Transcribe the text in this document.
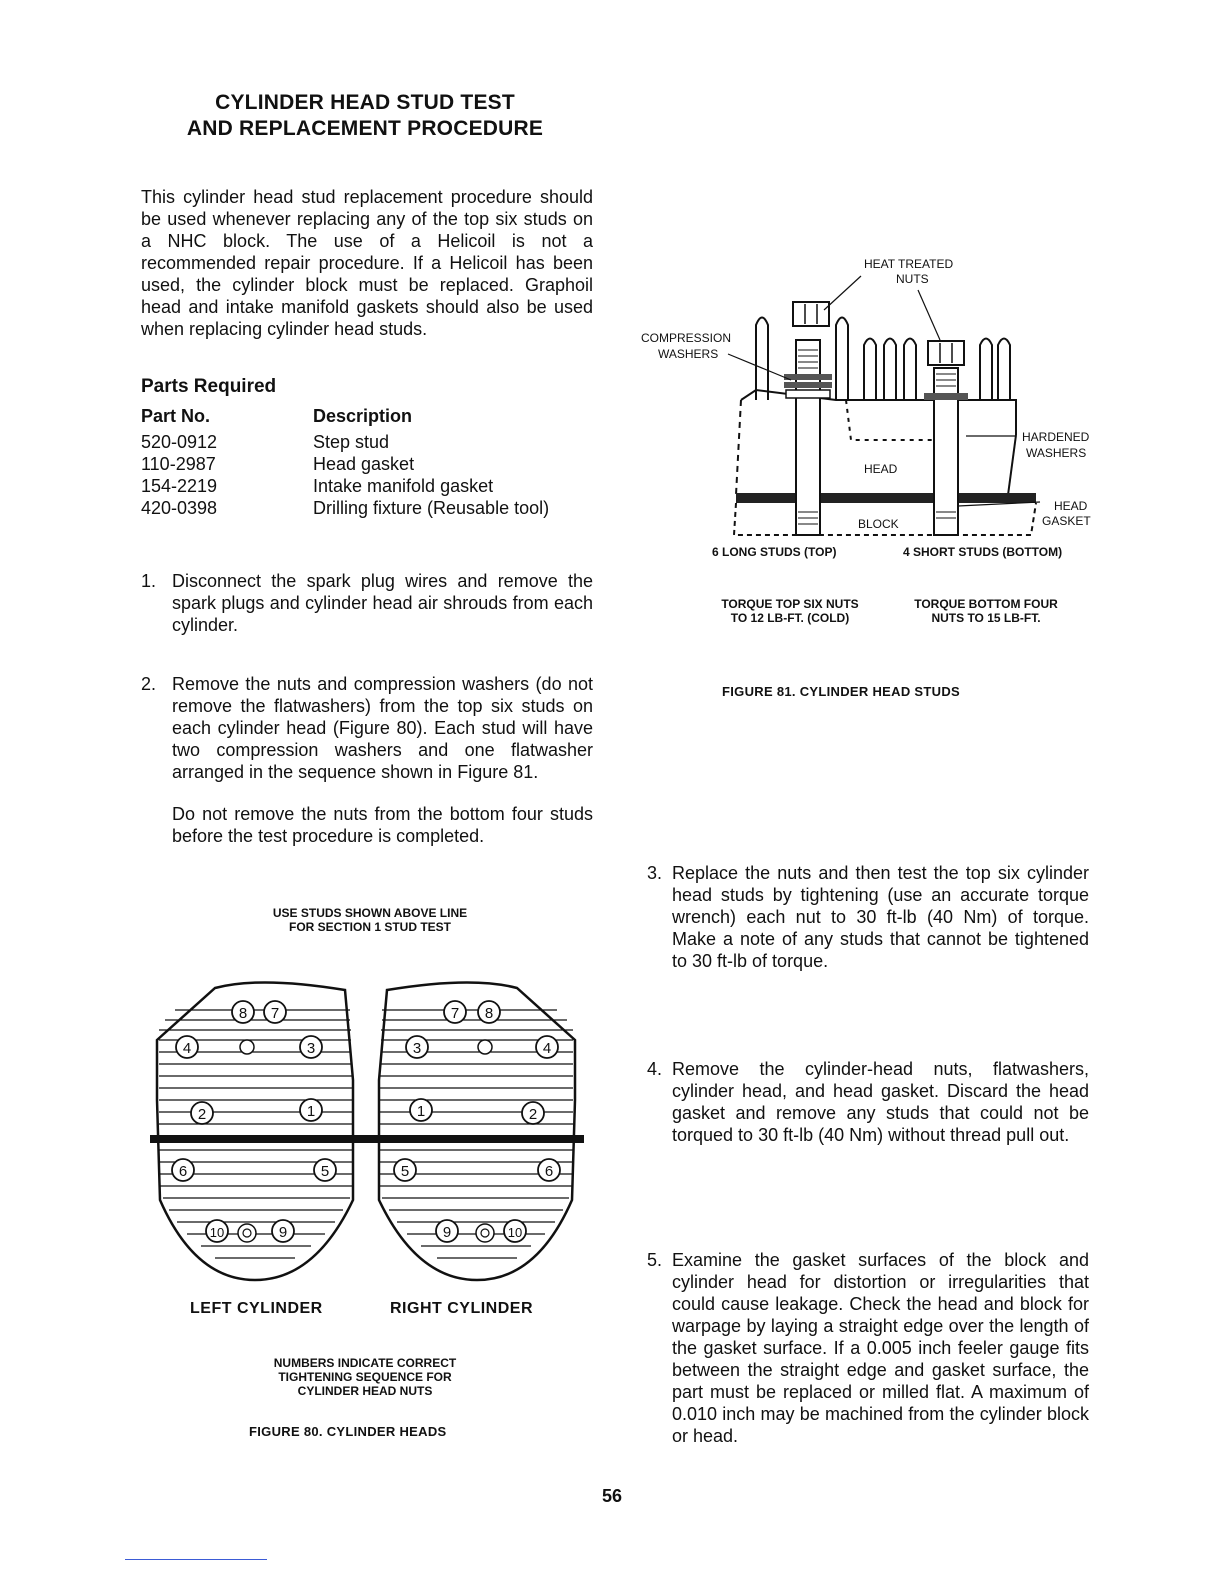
CYLINDER HEAD STUD TEST
AND REPLACEMENT PROCEDURE
This cylinder head stud replacement procedure should be used whenever replacing any of the top six studs on a NHC block. The use of a Helicoil is not a recommended repair procedure. If a Helicoil has been used, the cylinder block must be replaced. Graphoil head and intake manifold gaskets should also be used when replacing cylinder head studs.
Parts Required
Part No.	Description
520-0912	Step stud
110-2987	Head gasket
154-2219	Intake manifold gasket
420-0398	Drilling fixture (Reusable tool)
1. Disconnect the spark plug wires and remove the spark plugs and cylinder head air shrouds from each cylinder.
2. Remove the nuts and compression washers (do not remove the flatwashers) from the top six studs on each cylinder head (Figure 80). Each stud will have two compression washers and one flatwasher arranged in the sequence shown in Figure 81.
Do not remove the nuts from the bottom four studs before the test procedure is completed.
3. Replace the nuts and then test the top six cylinder head studs by tightening (use an accurate torque wrench) each nut to 30 ft-lb (40 Nm) of torque. Make a note of any studs that cannot be tightened to 30 ft-lb of torque.
4. Remove the cylinder-head nuts, flatwashers, cylinder head, and head gasket. Discard the head gasket and remove any studs that could not be torqued to 30 ft-lb (40 Nm) without thread pull out.
5. Examine the gasket surfaces of the block and cylinder head for distortion or irregularities that could cause leakage. Check the head and block for warpage by laying a straight edge over the length of the gasket surface. If a 0.005 inch feeler gauge fits between the straight edge and gasket surface, the part must be replaced or milled flat. A maximum of 0.010 inch may be machined from the cylinder block or head.
HEAT TREATED
NUTS
COMPRESSION
WASHERS
HARDENED
WASHERS
HEAD
HEAD
GASKET
BLOCK
6 LONG STUDS (TOP)	4 SHORT STUDS (BOTTOM)
TORQUE TOP SIX NUTS
TO 12 LB-FT. (COLD)
TORQUE BOTTOM FOUR
NUTS TO 15 LB-FT.
FIGURE 81. CYLINDER HEAD STUDS
USE STUDS SHOWN ABOVE LINE
FOR SECTION 1 STUD TEST
8 7
4	3
2	1
6	5
10	9
7 8
3	4
1	2
5	6
9	10
LEFT CYLINDER	RIGHT CYLINDER
NUMBERS INDICATE CORRECT
TIGHTENING SEQUENCE FOR
CYLINDER HEAD NUTS
FIGURE 80. CYLINDER HEADS
56
